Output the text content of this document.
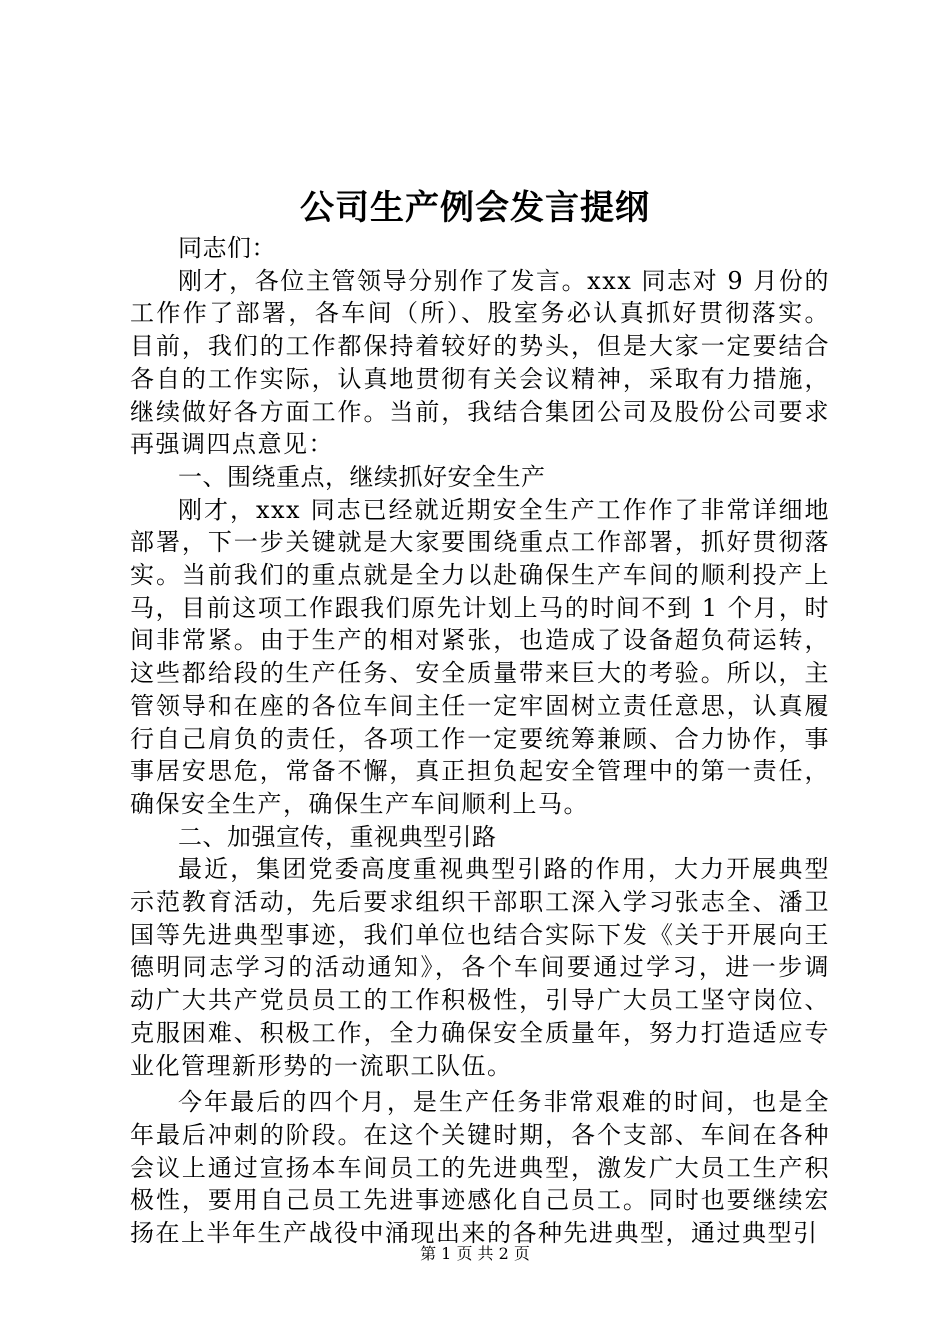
公司生产例会发言提纲

同志们：

刚才，各位主管领导分别作了发言。xxx 同志对 9 月份的工作作了部署，各车间（所）、股室务必认真抓好贯彻落实。目前，我们的工作都保持着较好的势头，但是大家一定要结合各自的工作实际，认真地贯彻有关会议精神，采取有力措施，继续做好各方面工作。当前，我结合集团公司及股份公司要求再强调四点意见：

一、围绕重点，继续抓好安全生产

刚才，xxx 同志已经就近期安全生产工作作了非常详细地部署，下一步关键就是大家要围绕重点工作部署，抓好贯彻落实。当前我们的重点就是全力以赴确保生产车间的顺利投产上马，目前这项工作跟我们原先计划上马的时间不到 1 个月，时间非常紧。由于生产的相对紧张，也造成了设备超负荷运转，这些都给段的生产任务、安全质量带来巨大的考验。所以，主管领导和在座的各位车间主任一定牢固树立责任意思，认真履行自己肩负的责任，各项工作一定要统筹兼顾、合力协作，事事居安思危，常备不懈，真正担负起安全管理中的第一责任，确保安全生产，确保生产车间顺利上马。

二、加强宣传，重视典型引路

最近，集团党委高度重视典型引路的作用，大力开展典型示范教育活动，先后要求组织干部职工深入学习张志全、潘卫国等先进典型事迹，我们单位也结合实际下发《关于开展向王德明同志学习的活动通知》，各个车间要通过学习，进一步调动广大共产党员员工的工作积极性，引导广大员工坚守岗位、克服困难、积极工作，全力确保安全质量年，努力打造适应专业化管理新形势的一流职工队伍。

今年最后的四个月，是生产任务非常艰难的时间，也是全年最后冲刺的阶段。在这个关键时期，各个支部、车间在各种会议上通过宣扬本车间员工的先进典型，激发广大员工生产积极性，要用自己员工先进事迹感化自己员工。同时也要继续宏扬在上半年生产战役中涌现出来的各种先进典型，通过典型引

第 1 页 共 2 页
